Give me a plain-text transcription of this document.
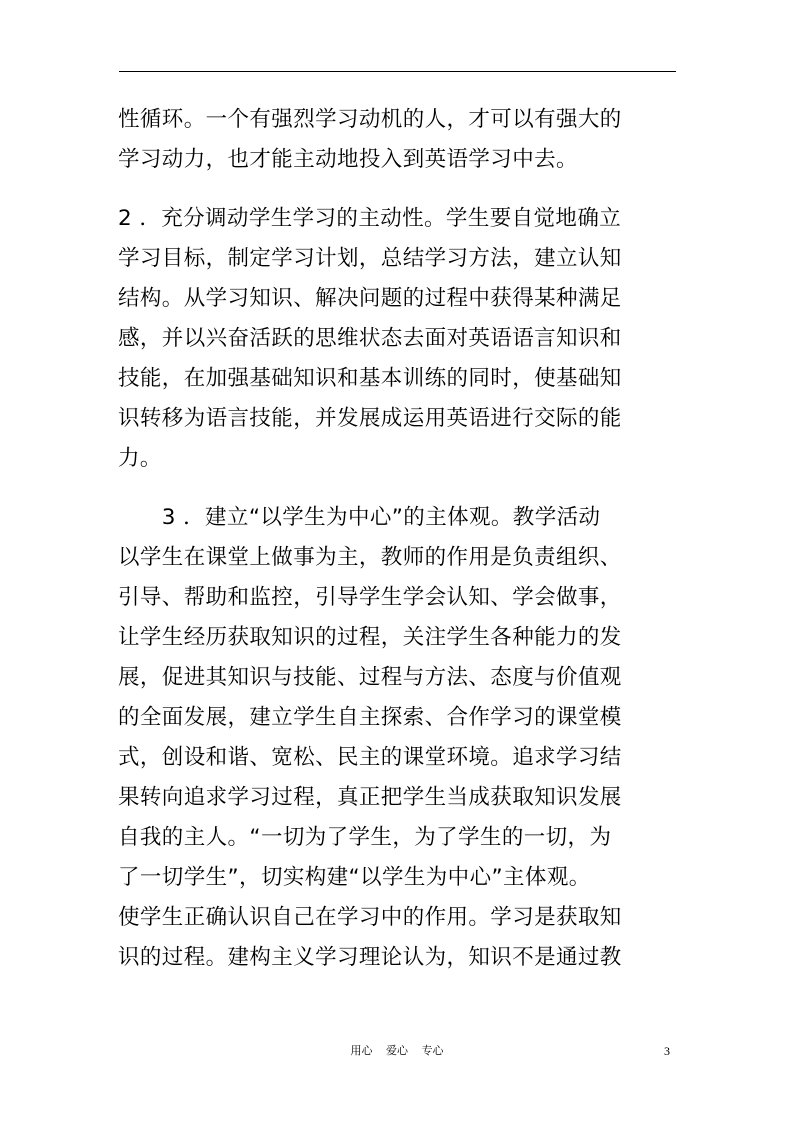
性循环。一个有强烈学习动机的人，才可以有强大的
学习动力，也才能主动地投入到英语学习中去。
2 ．充分调动学生学习的主动性。学生要自觉地确立
学习目标，制定学习计划，总结学习方法，建立认知
结构。从学习知识、解决问题的过程中获得某种满足
感，并以兴奋活跃的思维状态去面对英语语言知识和
技能，在加强基础知识和基本训练的同时，使基础知
识转移为语言技能，并发展成运用英语进行交际的能
力。
　　3 ．建立“以学生为中心”的主体观。教学活动
以学生在课堂上做事为主，教师的作用是负责组织、
引导、帮助和监控，引导学生学会认知、学会做事，
让学生经历获取知识的过程，关注学生各种能力的发
展，促进其知识与技能、过程与方法、态度与价值观
的全面发展，建立学生自主探索、合作学习的课堂模
式，创设和谐、宽松、民主的课堂环境。追求学习结
果转向追求学习过程，真正把学生当成获取知识发展
自我的主人。“一切为了学生，为了学生的一切，为
了一切学生”，切实构建“以学生为中心”主体观。
使学生正确认识自己在学习中的作用。学习是获取知
识的过程。建构主义学习理论认为，知识不是通过教
用心 爱心 专心	3
